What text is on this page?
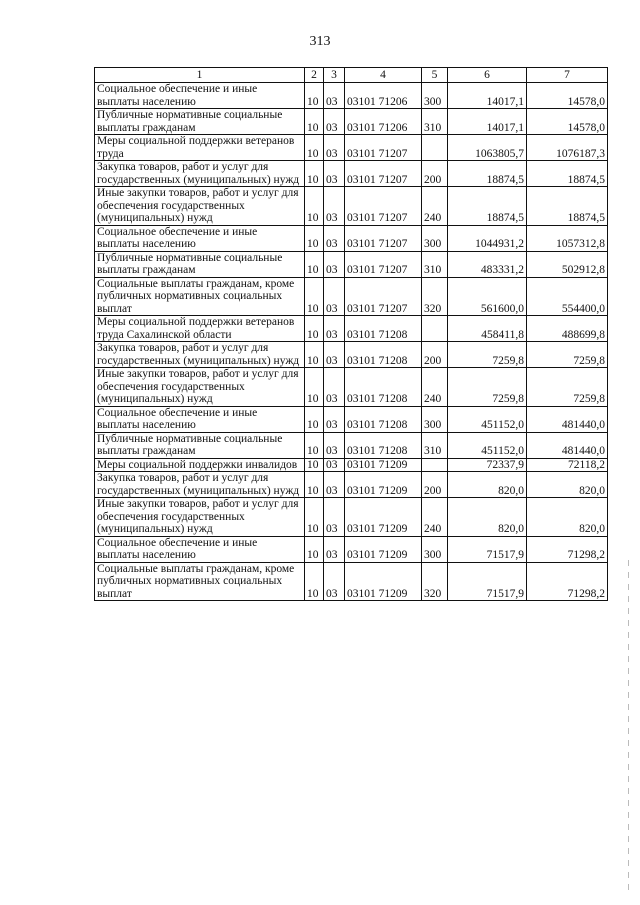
313
1	2	3	4	5	6	7
Социальное обеспечение и иные выплаты населению	10	03	03101 71206	300	14017,1	14578,0
Публичные нормативные социальные выплаты гражданам	10	03	03101 71206	310	14017,1	14578,0
Меры социальной поддержки ветеранов труда	10	03	03101 71207		1063805,7	1076187,3
Закупка товаров, работ и услуг для государственных (муниципальных) нужд	10	03	03101 71207	200	18874,5	18874,5
Иные закупки товаров, работ и услуг для обеспечения государственных (муниципальных) нужд	10	03	03101 71207	240	18874,5	18874,5
Социальное обеспечение и иные выплаты населению	10	03	03101 71207	300	1044931,2	1057312,8
Публичные нормативные социальные выплаты гражданам	10	03	03101 71207	310	483331,2	502912,8
Социальные выплаты гражданам, кроме публичных нормативных социальных выплат	10	03	03101 71207	320	561600,0	554400,0
Меры социальной поддержки ветеранов труда Сахалинской области	10	03	03101 71208		458411,8	488699,8
Закупка товаров, работ и услуг для государственных (муниципальных) нужд	10	03	03101 71208	200	7259,8	7259,8
Иные закупки товаров, работ и услуг для обеспечения государственных (муниципальных) нужд	10	03	03101 71208	240	7259,8	7259,8
Социальное обеспечение и иные выплаты населению	10	03	03101 71208	300	451152,0	481440,0
Публичные нормативные социальные выплаты гражданам	10	03	03101 71208	310	451152,0	481440,0
Меры социальной поддержки инвалидов	10	03	03101 71209		72337,9	72118,2
Закупка товаров, работ и услуг для государственных (муниципальных) нужд	10	03	03101 71209	200	820,0	820,0
Иные закупки товаров, работ и услуг для обеспечения государственных (муниципальных) нужд	10	03	03101 71209	240	820,0	820,0
Социальное обеспечение и иные выплаты населению	10	03	03101 71209	300	71517,9	71298,2
Социальные выплаты гражданам, кроме публичных нормативных социальных выплат	10	03	03101 71209	320	71517,9	71298,2
